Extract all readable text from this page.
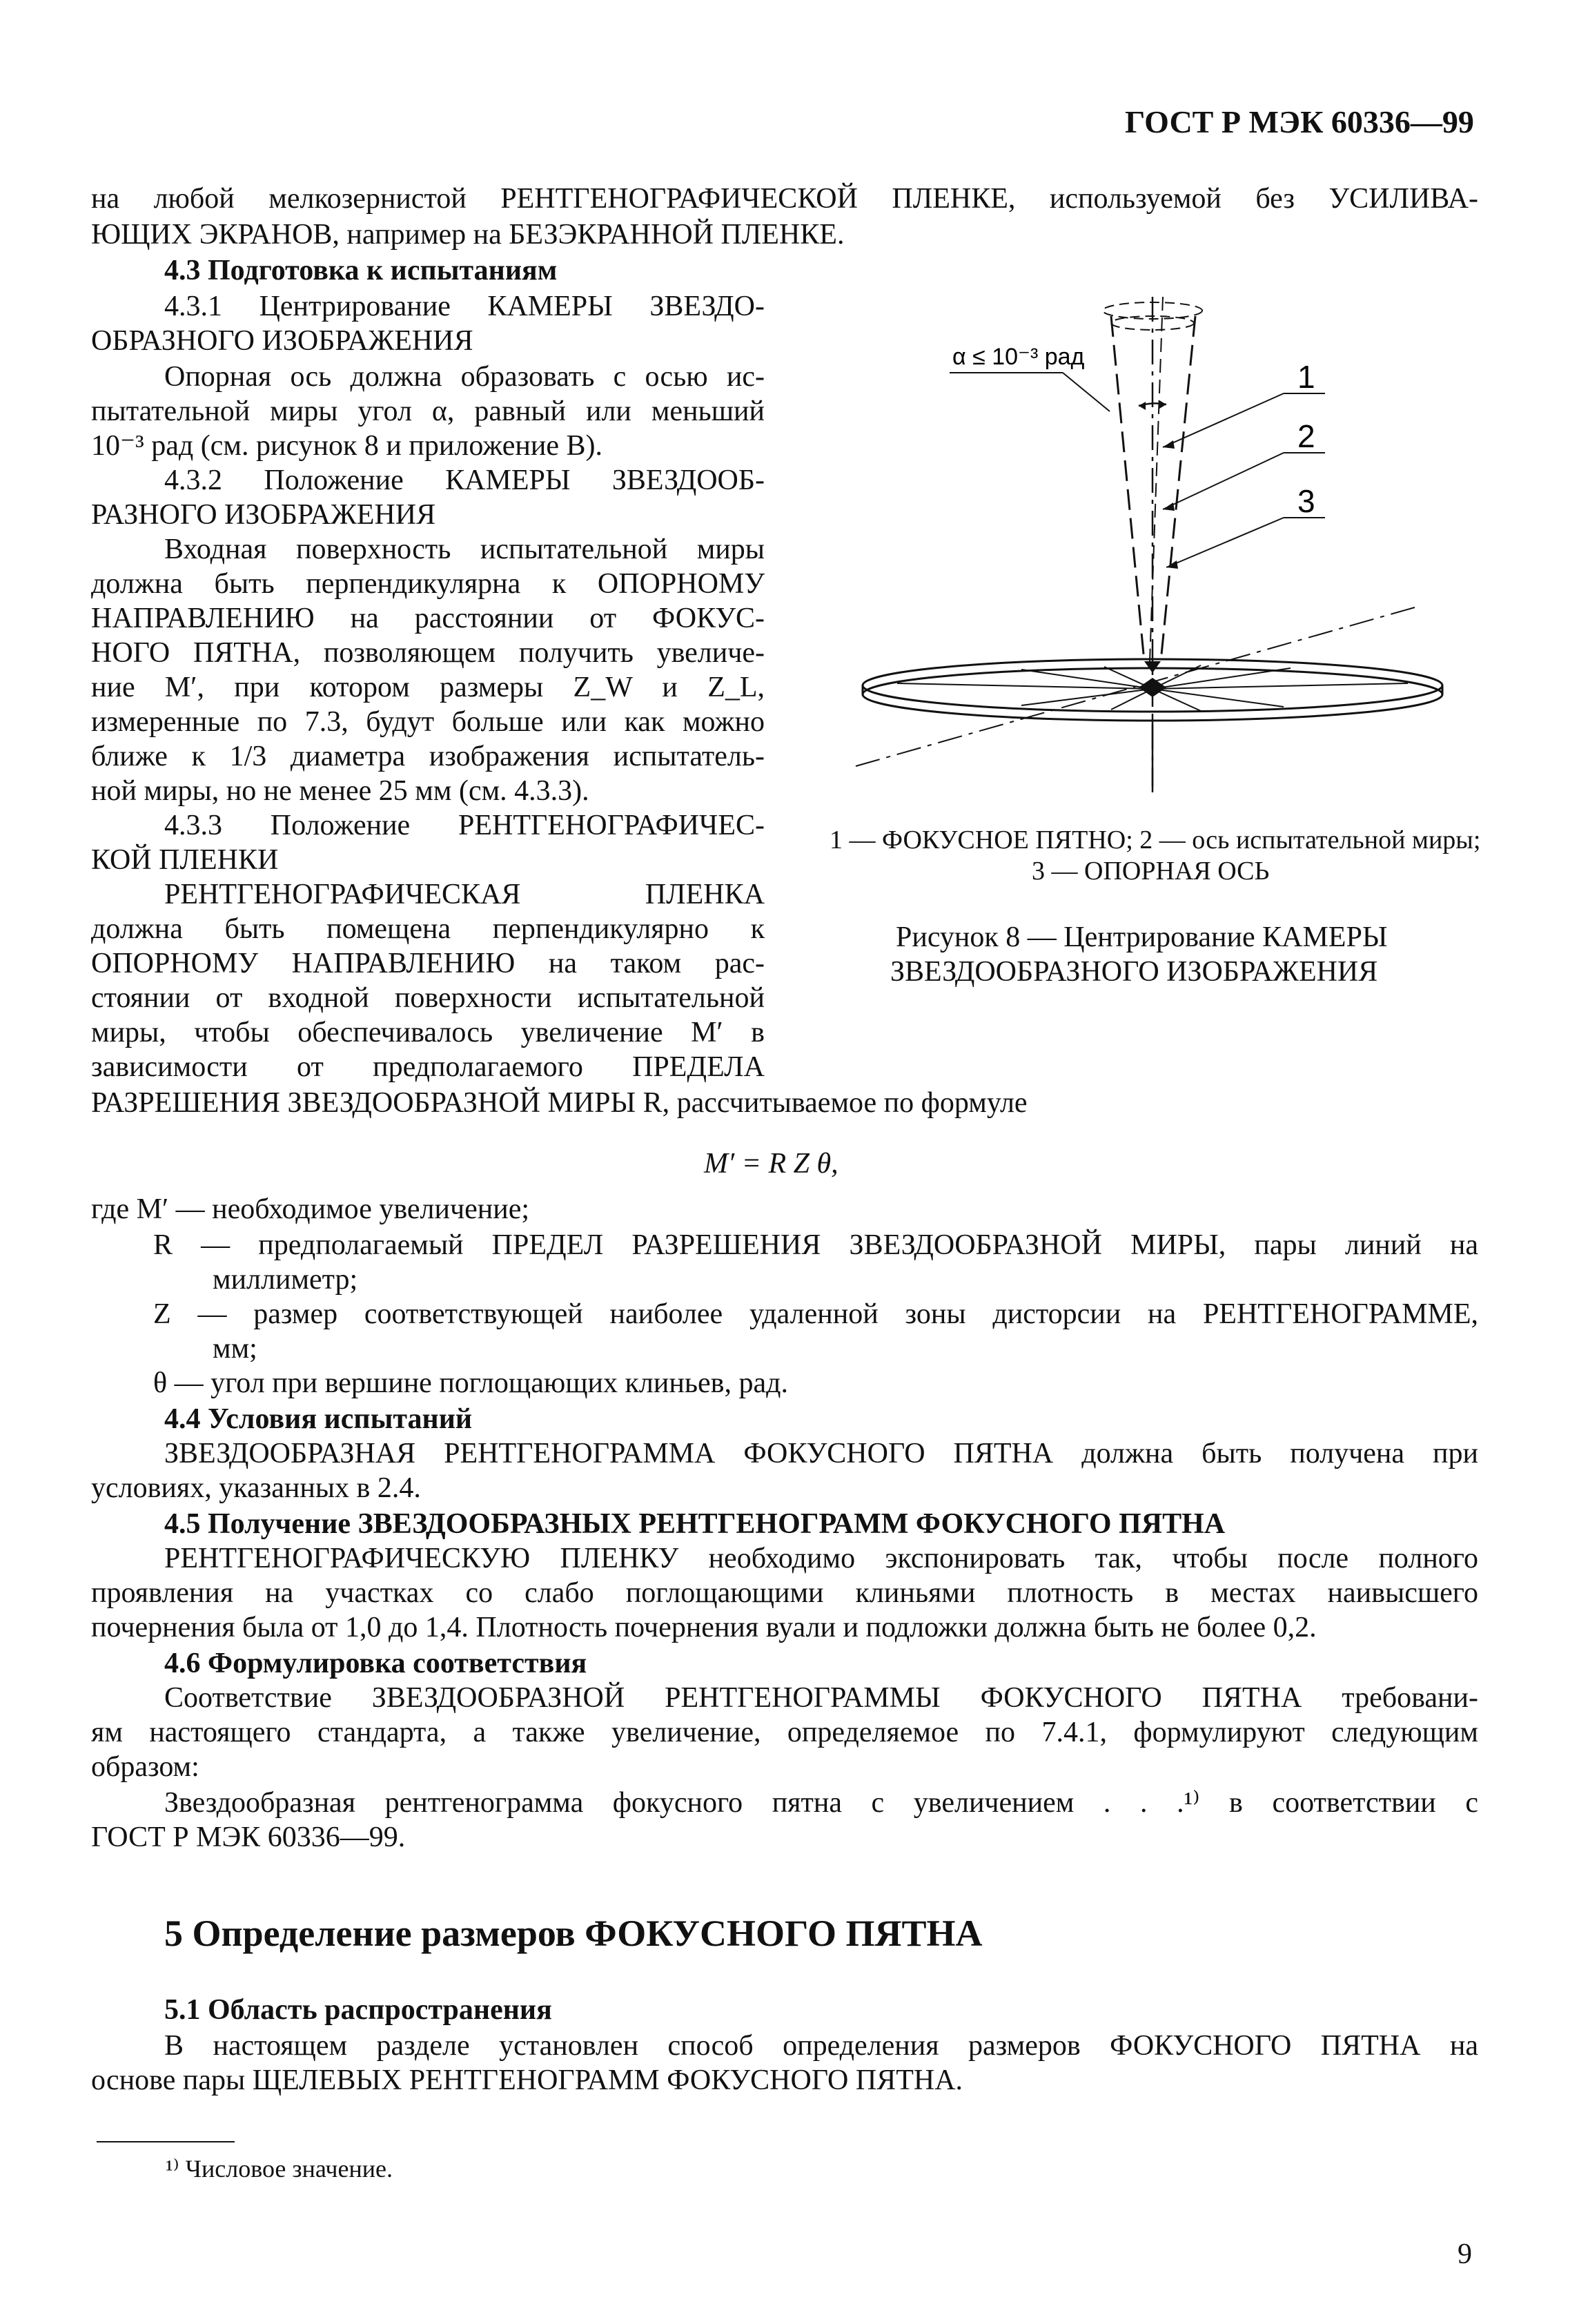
ГОСТ Р МЭК 60336—99
на любой мелкозернистой РЕНТГЕНОГРАФИЧЕСКОЙ ПЛЕНКЕ, используемой без УСИЛИВА-
ЮЩИХ ЭКРАНОВ, например на БЕЗЭКРАННОЙ ПЛЕНКЕ.
4.3 Подготовка к испытаниям
4.3.1 Центрирование КАМЕРЫ ЗВЕЗДО-
ОБРАЗНОГО ИЗОБРАЖЕНИЯ
Опорная ось должна образовать с осью ис-
пытательной миры угол α, равный или меньший
10⁻³ рад (см. рисунок 8 и приложение В).
4.3.2 Положение КАМЕРЫ ЗВЕЗДООБ-
РАЗНОГО ИЗОБРАЖЕНИЯ
Входная поверхность испытательной миры
должна быть перпендикулярна к ОПОРНОМУ
НАПРАВЛЕНИЮ на расстоянии от ФОКУС-
НОГО ПЯТНА, позволяющем получить увеличе-
ние M′, при котором размеры Z_W и Z_L,
измеренные по 7.3, будут больше или как можно
ближе к 1/3 диаметра изображения испытатель-
ной миры, но не менее 25 мм (см. 4.3.3).
4.3.3 Положение РЕНТГЕНОГРАФИЧЕС-
КОЙ ПЛЕНКИ
РЕНТГЕНОГРАФИЧЕСКАЯ ПЛЕНКА
должна быть помещена перпендикулярно к
ОПОРНОМУ НАПРАВЛЕНИЮ на таком рас-
стоянии от входной поверхности испытательной
миры, чтобы обеспечивалось увеличение M′ в
зависимости от предполагаемого ПРЕДЕЛА
РАЗРЕШЕНИЯ ЗВЕЗДООБРАЗНОЙ МИРЫ R, рассчитываемое по формуле
α ≤ 10⁻³ рад
1
2
3
1 — ФОКУСНОЕ ПЯТНО; 2 — ось испытательной миры;
3 — ОПОРНАЯ ОСЬ
Рисунок 8 — Центрирование КАМЕРЫ
ЗВЕЗДООБРАЗНОГО ИЗОБРАЖЕНИЯ
M′ = R Z θ,
где M′ — необходимое увеличение;
R — предполагаемый ПРЕДЕЛ РАЗРЕШЕНИЯ ЗВЕЗДООБРАЗНОЙ МИРЫ, пары линий на
миллиметр;
Z — размер соответствующей наиболее удаленной зоны дисторсии на РЕНТГЕНОГРАММЕ,
мм;
θ — угол при вершине поглощающих клиньев, рад.
4.4 Условия испытаний
ЗВЕЗДООБРАЗНАЯ РЕНТГЕНОГРАММА ФОКУСНОГО ПЯТНА должна быть получена при
условиях, указанных в 2.4.
4.5 Получение ЗВЕЗДООБРАЗНЫХ РЕНТГЕНОГРАММ ФОКУСНОГО ПЯТНА
РЕНТГЕНОГРАФИЧЕСКУЮ ПЛЕНКУ необходимо экспонировать так, чтобы после полного
проявления на участках со слабо поглощающими клиньями плотность в местах наивысшего
почернения была от 1,0 до 1,4. Плотность почернения вуали и подложки должна быть не более 0,2.
4.6 Формулировка соответствия
Соответствие ЗВЕЗДООБРАЗНОЙ РЕНТГЕНОГРАММЫ ФОКУСНОГО ПЯТНА требовани-
ям настоящего стандарта, а также увеличение, определяемое по 7.4.1, формулируют следующим
образом:
Звездообразная рентгенограмма фокусного пятна с увеличением . . .¹⁾ в соответствии с
ГОСТ Р МЭК 60336—99.
5 Определение размеров ФОКУСНОГО ПЯТНА
5.1 Область распространения
В настоящем разделе установлен способ определения размеров ФОКУСНОГО ПЯТНА на
основе пары ЩЕЛЕВЫХ РЕНТГЕНОГРАММ ФОКУСНОГО ПЯТНА.
¹⁾ Числовое значение.
9
